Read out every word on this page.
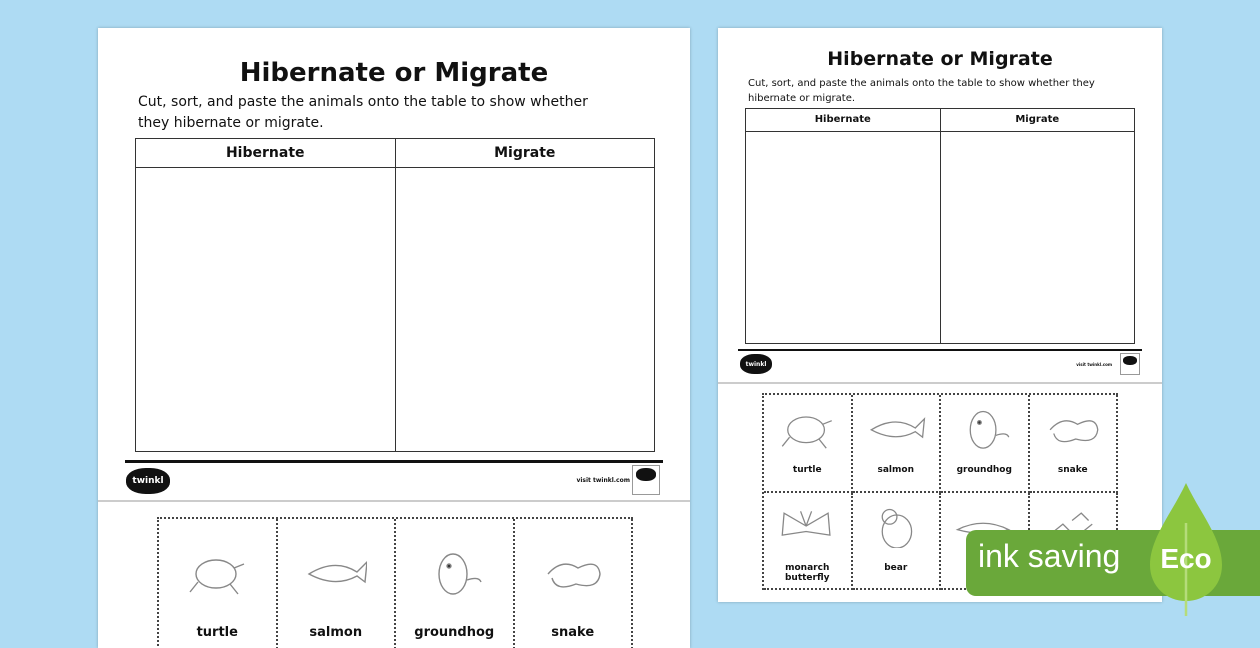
Hibernate or Migrate
Cut, sort, and paste the animals onto the table to show whether they hibernate or migrate.
Hibernate	Migrate
twinkl	visit twinkl.com
turtle	salmon	groundhog	snake
Hibernate or Migrate
Cut, sort, and paste the animals onto the table to show whether they hibernate or migrate.
Hibernate	Migrate
twinkl	visit twinkl.com
turtle	salmon	groundhog	snake
monarch butterfly
bear	ink saving	Eco
